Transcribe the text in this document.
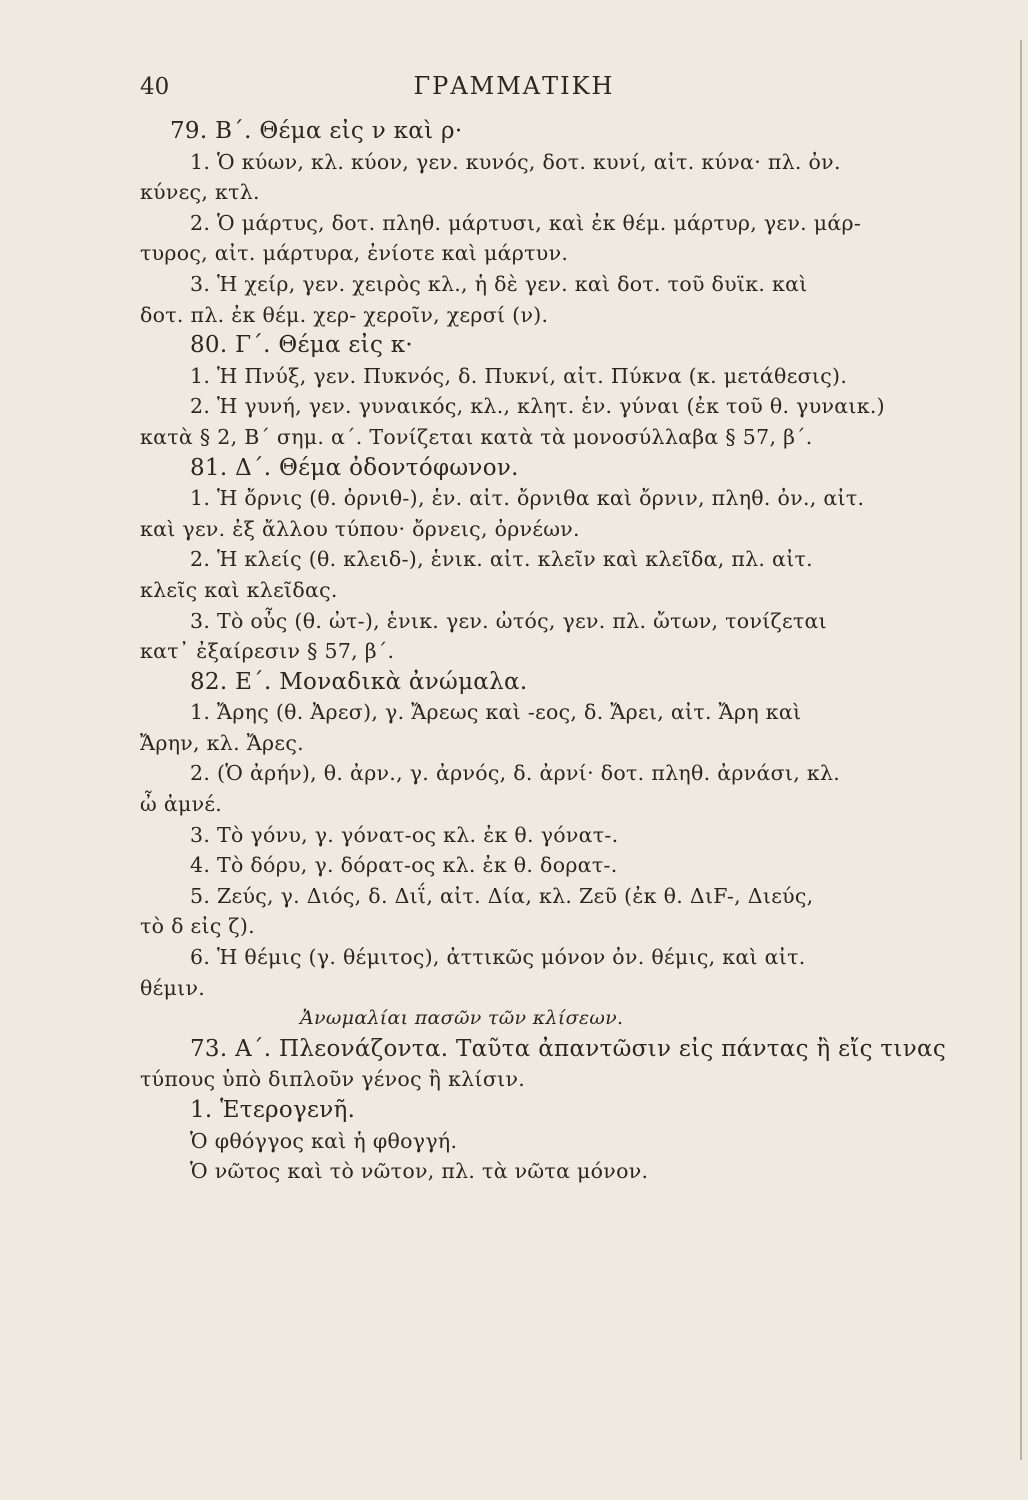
40	ΓΡΑΜΜΑΤΙΚΗ
79. Β΄. Θέμα εἰς ν καὶ ρ·
1. Ὁ κύων, κλ. κύον, γεν. κυνός, δοτ. κυνί, αἰτ. κύνα· πλ. ὀν.
κύνες, κτλ.
2. Ὁ μάρτυς, δοτ. πληθ. μάρτυσι, καὶ ἐκ θέμ. μάρτυρ, γεν. μάρ-
τυρος, αἰτ. μάρτυρα, ἐνίοτε καὶ μάρτυν.
3. Ἡ χείρ, γεν. χειρὸς κλ., ἡ δὲ γεν. καὶ δοτ. τοῦ δυϊκ. καὶ
δοτ. πλ. ἐκ θέμ. χερ- χεροῖν, χερσί (ν).
80. Γ΄. Θέμα εἰς κ·
1. Ἡ Πνύξ, γεν. Πυκνός, δ. Πυκνί, αἰτ. Πύκνα (κ. μετάθεσις).
2. Ἡ γυνή, γεν. γυναικός, κλ., κλητ. ἑν. γύναι (ἐκ τοῦ θ. γυναικ.)
κατὰ § 2, Β΄ σημ. α΄. Τονίζεται κατὰ τὰ μονοσύλλαβα § 57, β΄.
81. Δ΄. Θέμα ὀδοντόφωνον.
1. Ἡ ὄρνις (θ. ὀρνιθ-), ἑν. αἰτ. ὄρνιθα καὶ ὄρνιν, πληθ. ὀν., αἰτ.
καὶ γεν. ἐξ ἄλλου τύπου· ὄρνεις, ὀρνέων.
2. Ἡ κλείς (θ. κλειδ-), ἑνικ. αἰτ. κλεῖν καὶ κλεῖδα, πλ. αἰτ.
κλεῖς καὶ κλεῖδας.
3. Τὸ οὖς (θ. ὠτ-), ἑνικ. γεν. ὠτός, γεν. πλ. ὤτων, τονίζεται
κατ᾽ ἐξαίρεσιν § 57, β΄.
82. Ε΄. Μοναδικὰ ἀνώμαλα.
1. Ἄρης (θ. Ἀρεσ), γ. Ἄρεως καὶ -εος, δ. Ἄρει, αἰτ. Ἄρη καὶ
Ἄρην, κλ. Ἄρες.
2. (Ὁ ἀρήν), θ. ἀρν., γ. ἀρνός, δ. ἀρνί· δοτ. πληθ. ἀρνάσι, κλ.
ὦ ἀμνέ.
3. Τὸ γόνυ, γ. γόνατ-ος κλ. ἐκ θ. γόνατ-.
4. Τὸ δόρυ, γ. δόρατ-ος κλ. ἐκ θ. δορατ-.
5. Ζεύς, γ. Διός, δ. Διΐ, αἰτ. Δία, κλ. Ζεῦ (ἐκ θ. ΔιF-, Διεύς,
τὸ δ εἰς ζ).
6. Ἡ θέμις (γ. θέμιτος), ἀττικῶς μόνον ὀν. θέμις, καὶ αἰτ.
θέμιν.
Ἀνωμαλίαι πασῶν τῶν κλίσεων.
73. Α΄. Πλεονάζοντα. Ταῦτα ἀπαντῶσιν εἰς πάντας ἢ εἴς τινας
τύπους ὑπὸ διπλοῦν γένος ἢ κλίσιν.
1. Ἑτερογενῆ.
Ὁ φθόγγος καὶ ἡ φθογγή.
Ὁ νῶτος καὶ τὸ νῶτον, πλ. τὰ νῶτα μόνον.
